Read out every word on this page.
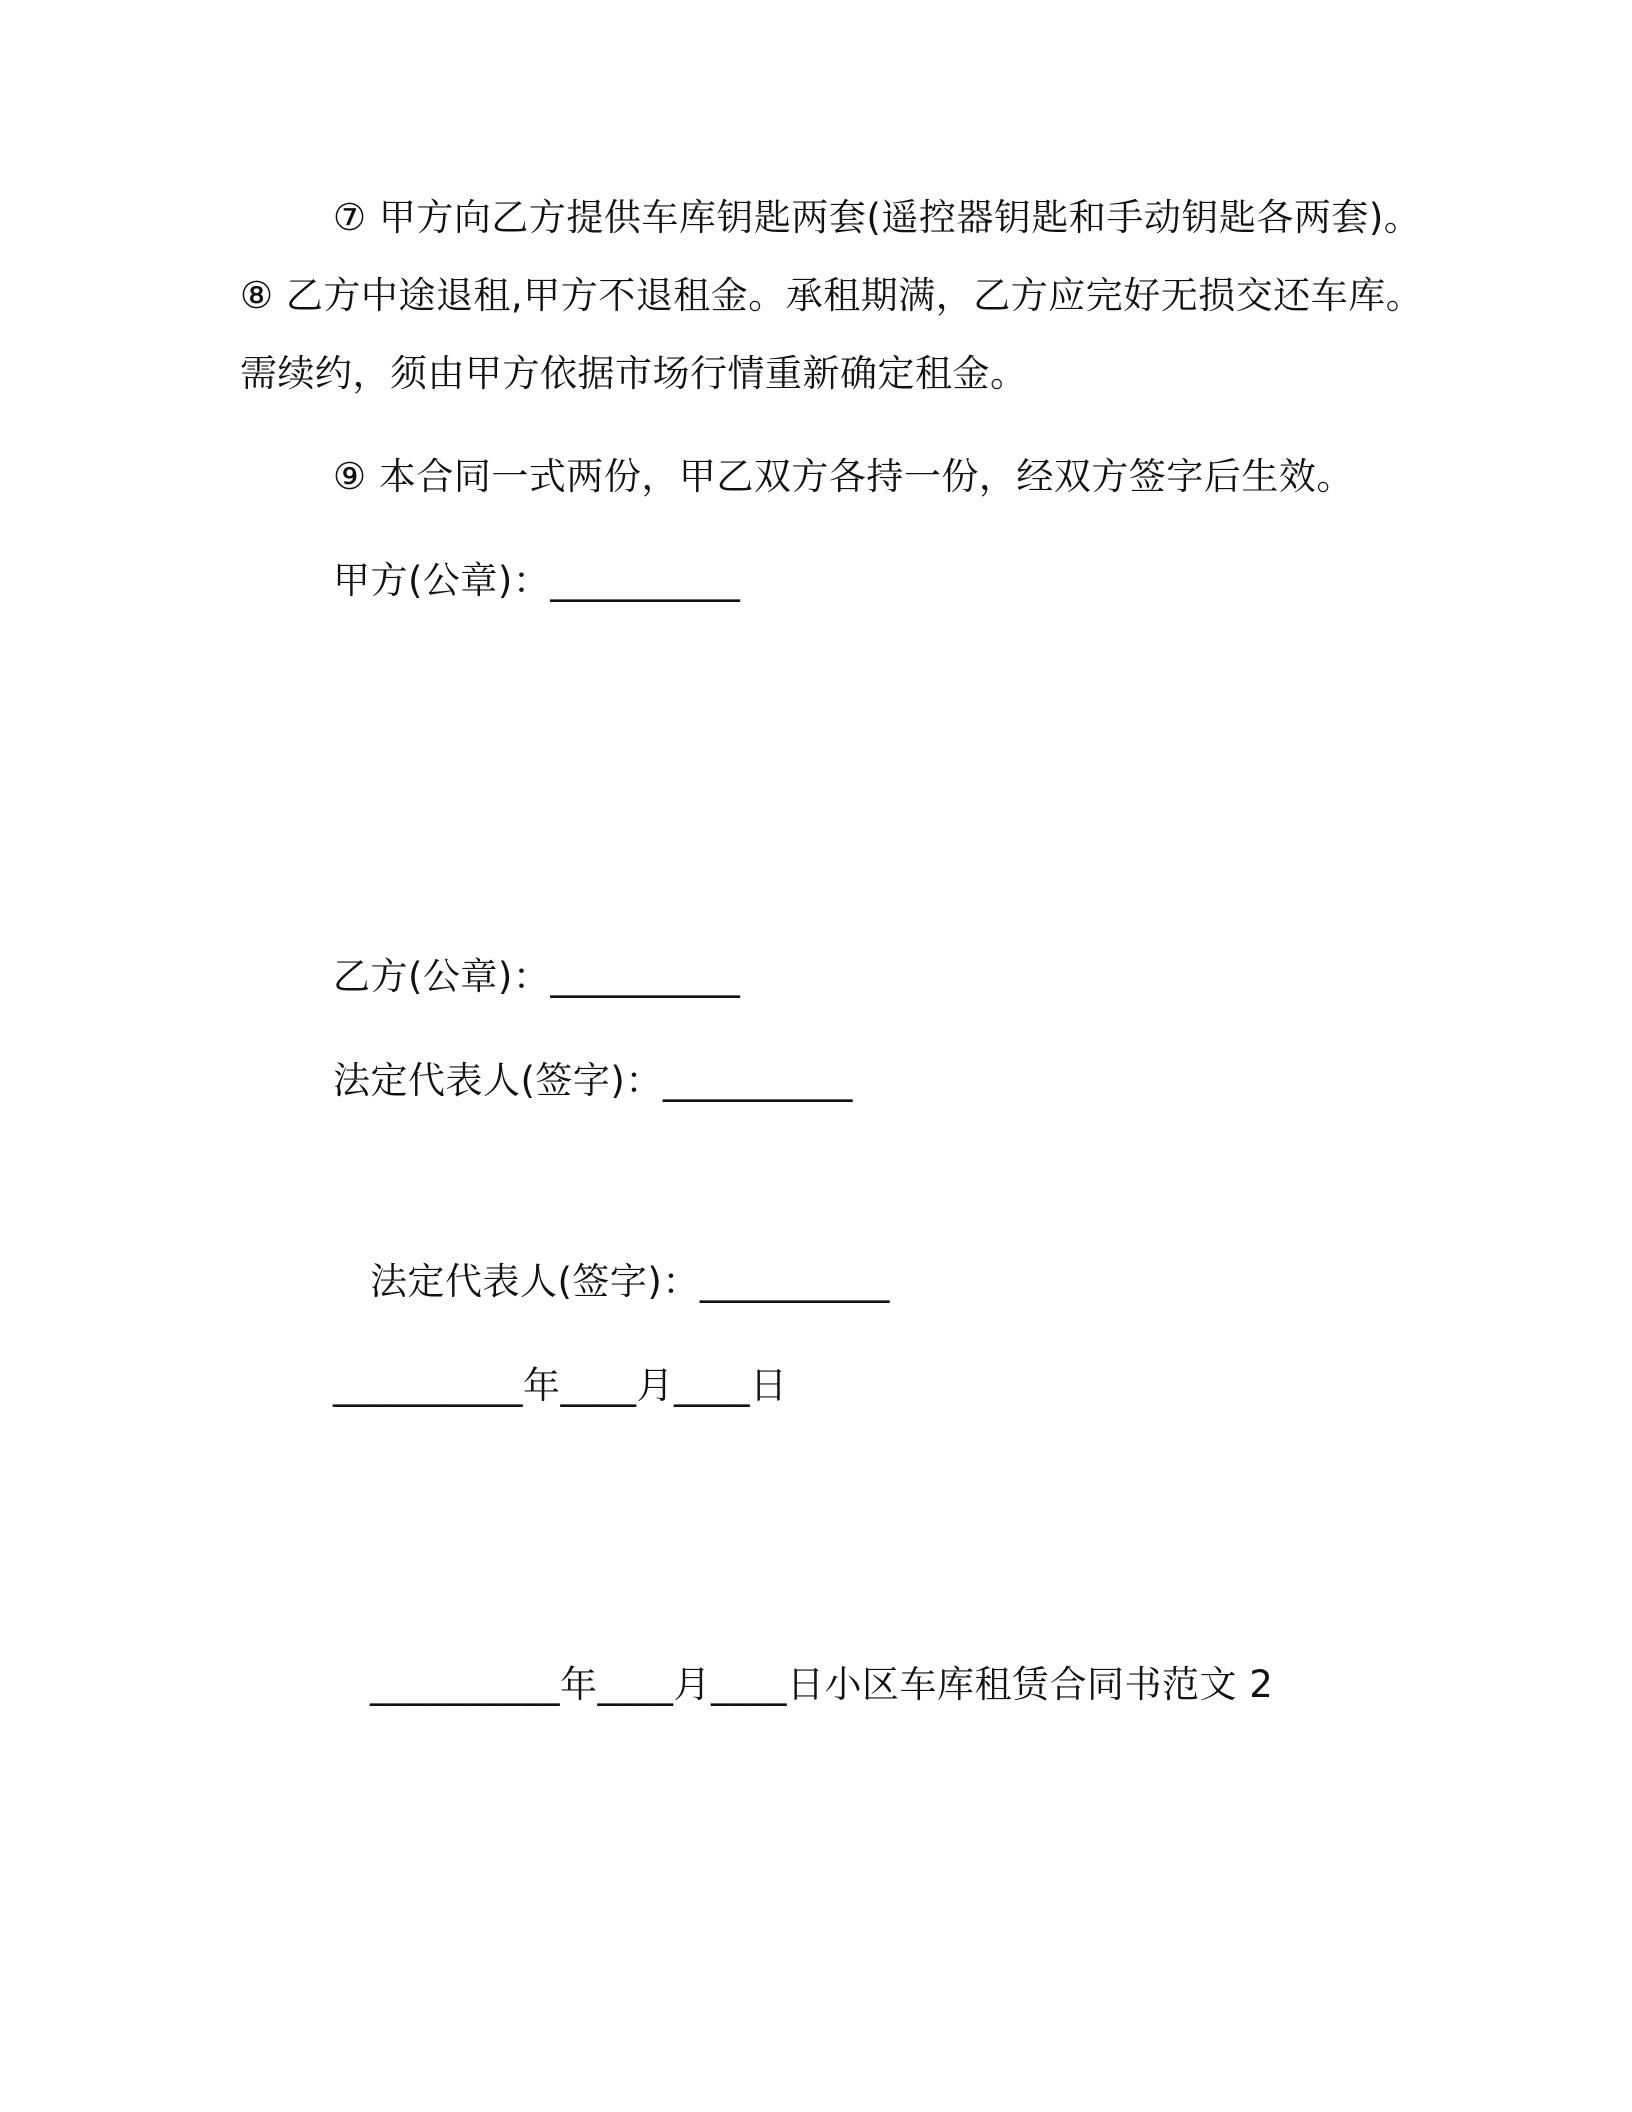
⑦ 甲方向乙方提供车库钥匙两套(遥控器钥匙和手动钥匙各两套)。
⑧ 乙方中途退租,甲方不退租金。承租期满，乙方应完好无损交还车库。
需续约，须由甲方依据市场行情重新确定租金。
⑨ 本合同一式两份，甲乙双方各持一份，经双方签字后生效。
甲方(公章)：__________
乙方(公章)：__________
法定代表人(签字)：__________
法定代表人(签字)：__________
__________年____月____日
__________年____月____日小区车库租赁合同书范文 2
